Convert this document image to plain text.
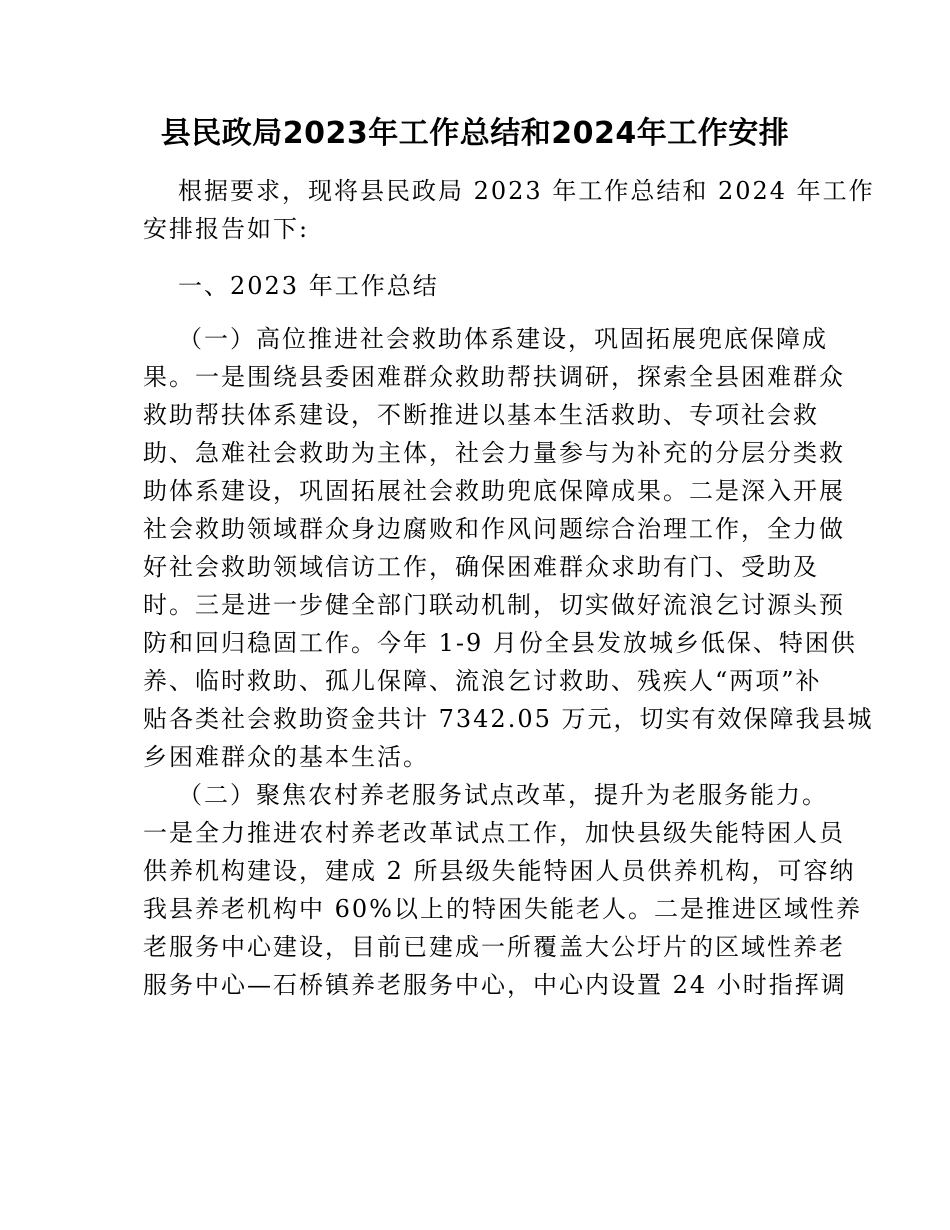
县民政局2023年工作总结和2024年工作安排
根据要求，现将县民政局 2023 年工作总结和 2024 年工作
安排报告如下:
一、2023 年工作总结
（一）高位推进社会救助体系建设，巩固拓展兜底保障成
果。一是围绕县委困难群众救助帮扶调研，探索全县困难群众
救助帮扶体系建设，不断推进以基本生活救助、专项社会救
助、急难社会救助为主体，社会力量参与为补充的分层分类救
助体系建设，巩固拓展社会救助兜底保障成果。二是深入开展
社会救助领域群众身边腐败和作风问题综合治理工作，全力做
好社会救助领域信访工作，确保困难群众求助有门、受助及
时。三是进一步健全部门联动机制，切实做好流浪乞讨源头预
防和回归稳固工作。今年 1-9 月份全县发放城乡低保、特困供
养、临时救助、孤儿保障、流浪乞讨救助、残疾人“两项”补
贴各类社会救助资金共计 7342.05 万元，切实有效保障我县城
乡困难群众的基本生活。
（二）聚焦农村养老服务试点改革，提升为老服务能力。
一是全力推进农村养老改革试点工作，加快县级失能特困人员
供养机构建设，建成 2 所县级失能特困人员供养机构，可容纳
我县养老机构中 60%以上的特困失能老人。二是推进区域性养
老服务中心建设，目前已建成一所覆盖大公圩片的区域性养老
服务中心—石桥镇养老服务中心，中心内设置 24 小时指挥调
